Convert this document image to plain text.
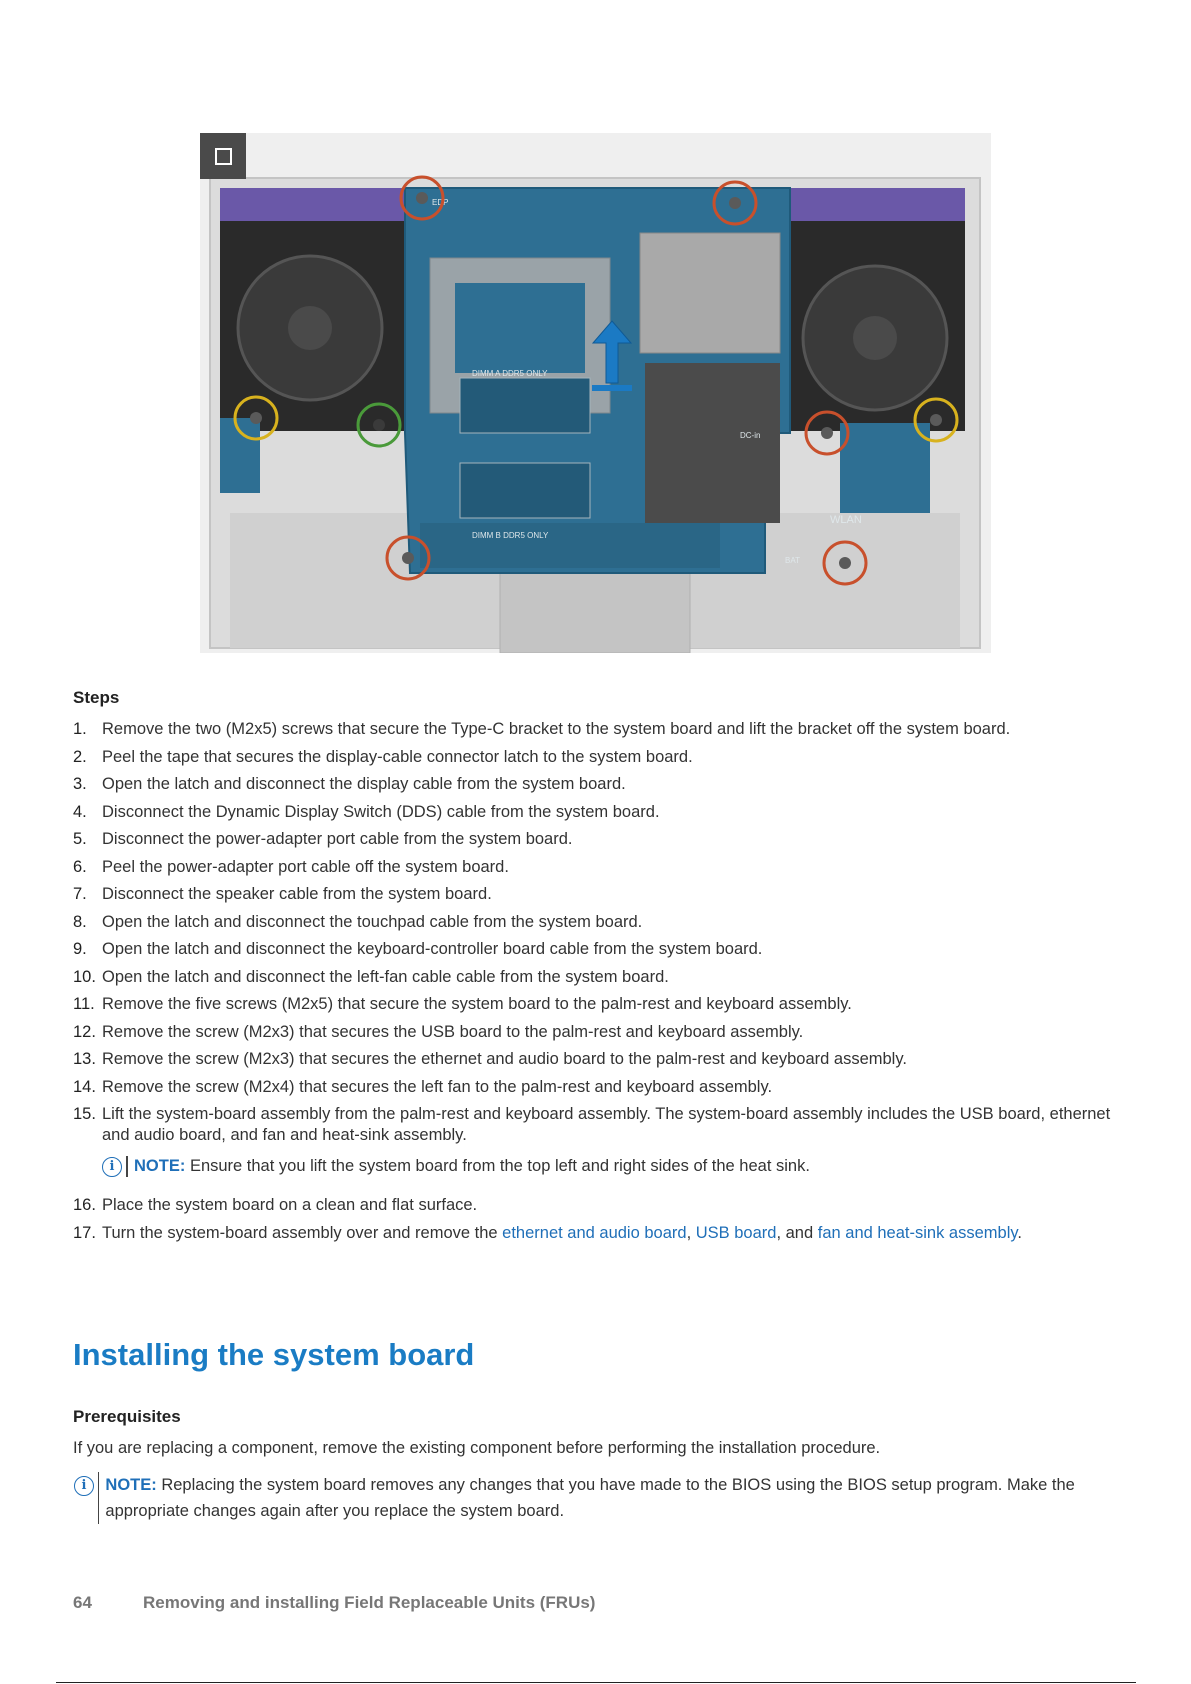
EDP
DIMM A DDR5 ONLY
DIMM B DDR5 ONLY
DC-in
WLAN
BAT
Steps
1. Remove the two (M2x5) screws that secure the Type-C bracket to the system board and lift the bracket off the system board.
2. Peel the tape that secures the display-cable connector latch to the system board.
3. Open the latch and disconnect the display cable from the system board.
4. Disconnect the Dynamic Display Switch (DDS) cable from the system board.
5. Disconnect the power-adapter port cable from the system board.
6. Peel the power-adapter port cable off the system board.
7. Disconnect the speaker cable from the system board.
8. Open the latch and disconnect the touchpad cable from the system board.
9. Open the latch and disconnect the keyboard-controller board cable from the system board.
10. Open the latch and disconnect the left-fan cable cable from the system board.
11. Remove the five screws (M2x5) that secure the system board to the palm-rest and keyboard assembly.
12. Remove the screw (M2x3) that secures the USB board to the palm-rest and keyboard assembly.
13. Remove the screw (M2x3) that secures the ethernet and audio board to the palm-rest and keyboard assembly.
14. Remove the screw (M2x4) that secures the left fan to the palm-rest and keyboard assembly.
15. Lift the system-board assembly from the palm-rest and keyboard assembly. The system-board assembly includes the USB board, ethernet and audio board, and fan and heat-sink assembly.
i	NOTE: Ensure that you lift the system board from the top left and right sides of the heat sink.
16. Place the system board on a clean and flat surface.
17. Turn the system-board assembly over and remove the ethernet and audio board, USB board, and fan and heat-sink assembly.
Installing the system board
Prerequisites
If you are replacing a component, remove the existing component before performing the installation procedure.
i	NOTE: Replacing the system board removes any changes that you have made to the BIOS using the BIOS setup program. Make the appropriate changes again after you replace the system board.
64	Removing and installing Field Replaceable Units (FRUs)
